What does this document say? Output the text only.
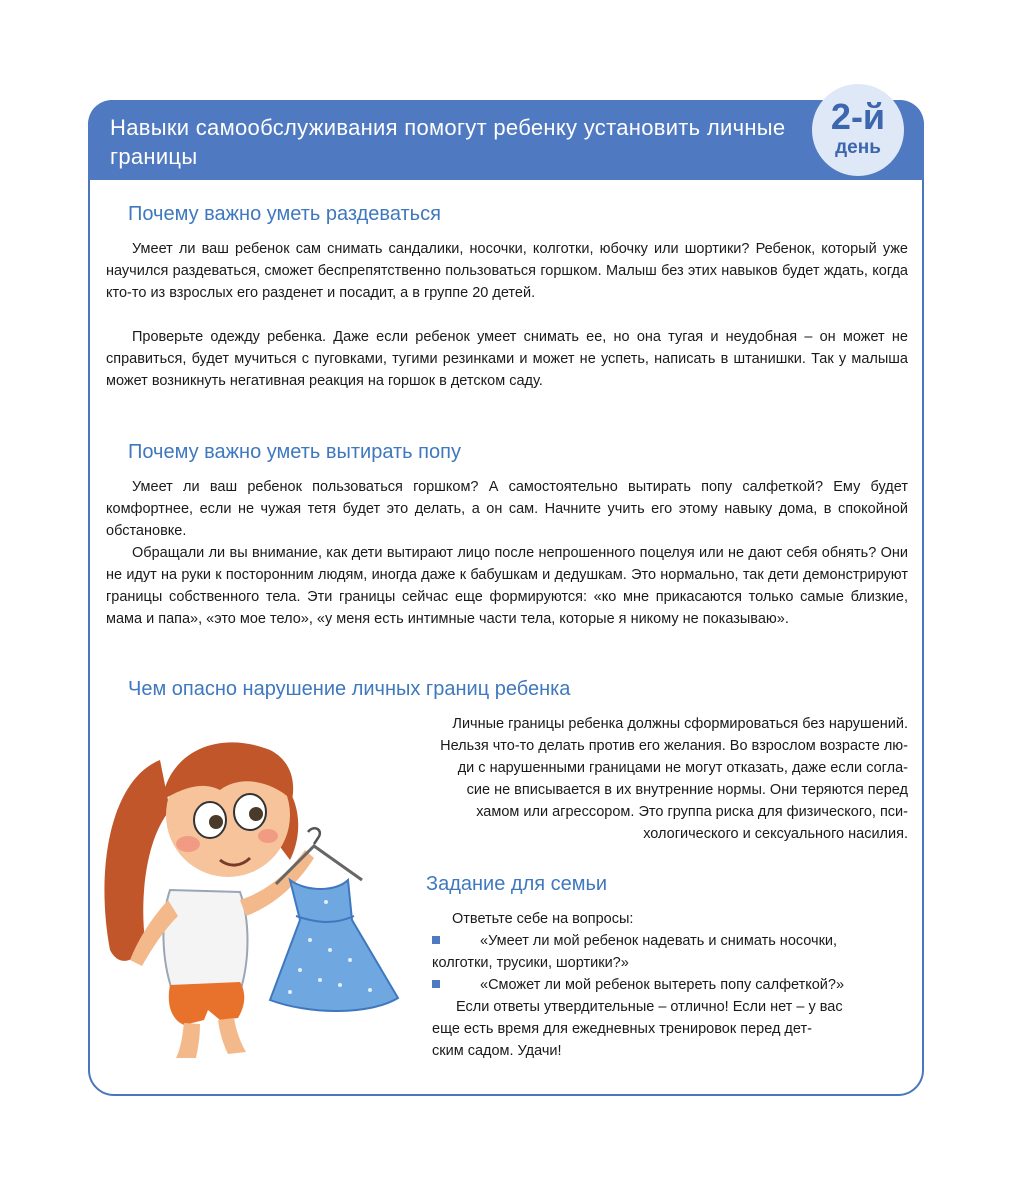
Навыки самообслуживания помогут ребенку установить личные границы
2-й
день
Почему важно уметь раздеваться

Умеет ли ваш ребенок сам снимать сандалики, носочки, колготки, юбочку или шортики? Ребенок, который уже научился раздеваться, сможет беспрепятственно пользоваться горшком. Малыш без этих навыков будет ждать, когда кто-то из взрослых его разденет и посадит, а в группе 20 детей.

Проверьте одежду ребенка. Даже если ребенок умеет снимать ее, но она тугая и неудобная – он может не справиться, будет мучиться с пуговками, тугими резинками и может не успеть, написать в штанишки. Так у малыша может возникнуть негативная реакция на горшок в детском саду.

Почему важно уметь вытирать попу

Умеет ли ваш ребенок пользоваться горшком? А самостоятельно вытирать попу салфеткой? Ему будет комфортнее, если не чужая тетя будет это делать, а он сам. Начните учить его этому навыку дома, в спокойной обстановке.

Обращали ли вы внимание, как дети вытирают лицо после непрошенного поцелуя или не дают себя обнять? Они не идут на руки к посторонним людям, иногда даже к бабушкам и дедушкам. Это нормально, так дети демонстрируют границы собственного тела. Эти границы сейчас еще формируются: «ко мне прикасаются только самые близкие, мама и папа», «это мое тело», «у меня есть интимные части тела, которые я никому не показываю».

Чем опасно нарушение личных границ ребенка
Личные границы ребенка должны сформироваться без нарушений.
Нельзя что-то делать против его желания. Во взрослом возрасте лю-
ди с нарушенными границами не могут отказать, даже если согла-
сие не вписывается в их внутренние нормы. Они теряются перед
хамом или агрессором. Это группа риска для физического, пси-
хологического и сексуального насилия.
Задание для семьи
Ответьте себе на вопросы:
«Умеет ли мой ребенок надевать и снимать носочки,
колготки, трусики, шортики?»
«Сможет ли мой ребенок вытереть попу салфеткой?»
Если ответы утвердительные – отлично! Если нет – у вас
еще есть время для ежедневных тренировок перед дет-
ским садом. Удачи!
